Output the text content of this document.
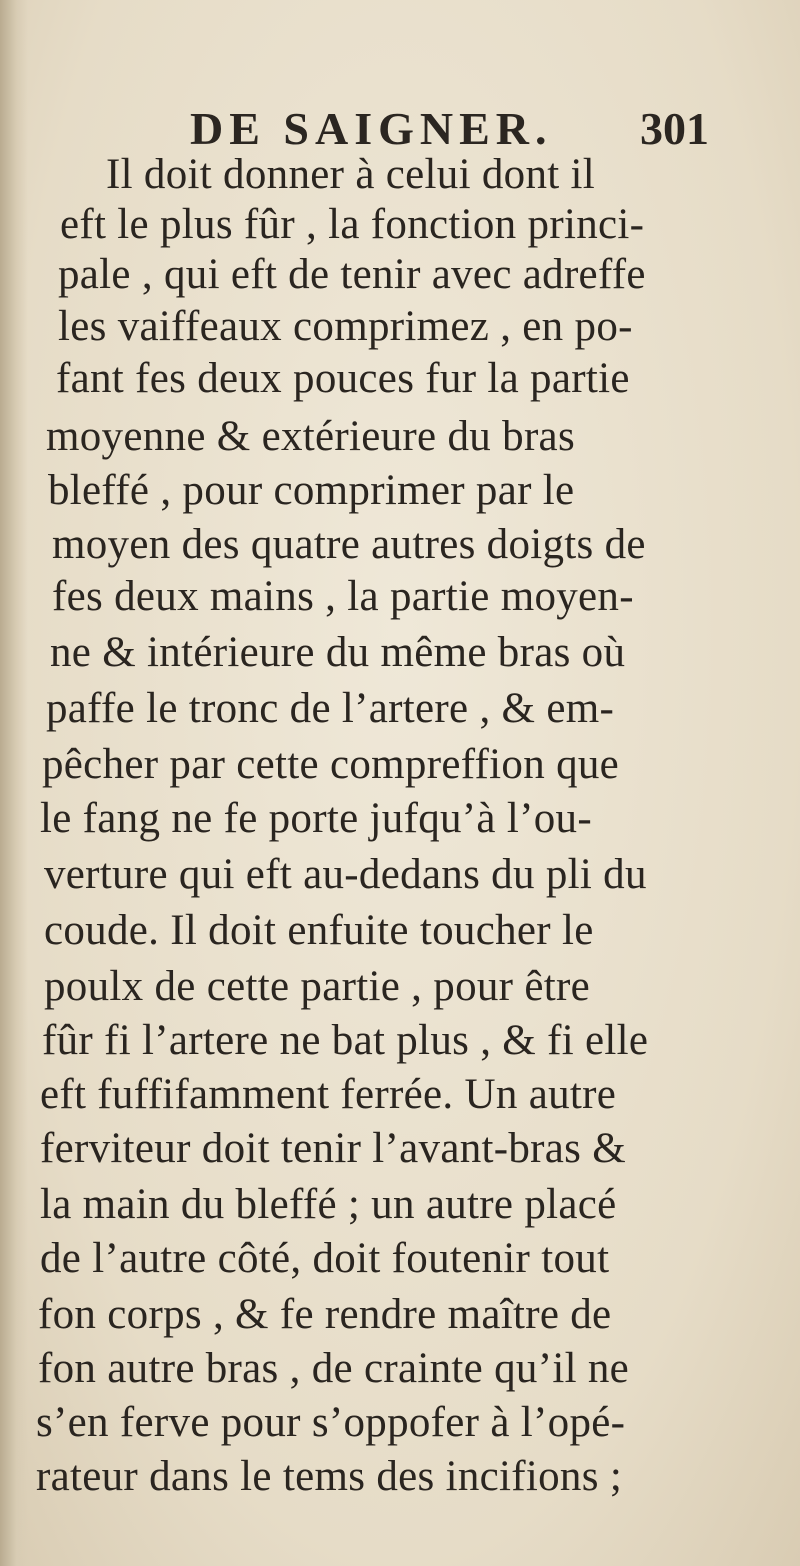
DE SAIGNER. 301
Il doit donner à celui dont il
eft le plus fûr , la fonction princi-
pale , qui eft de tenir avec adreffe
les vaiffeaux comprimez , en po-
fant fes deux pouces fur la partie
moyenne & extérieure du bras
bleffé , pour comprimer par le
moyen des quatre autres doigts de
fes deux mains , la partie moyen-
ne & intérieure du même bras où
paffe le tronc de l’artere , & em-
pêcher par cette compreffion que
le fang ne fe porte jufqu’à l’ou-
verture qui eft au-dedans du pli du
coude. Il doit enfuite toucher le
poulx de cette partie , pour être
fûr fi l’artere ne bat plus , & fi elle
eft fuffifamment ferrée. Un autre
ferviteur doit tenir l’avant-bras &
la main du bleffé ; un autre placé
de l’autre côté, doit foutenir tout
fon corps , & fe rendre maître de
fon autre bras , de crainte qu’il ne
s’en ferve pour s’oppofer à l’opé-
rateur dans le tems des incifions ;
